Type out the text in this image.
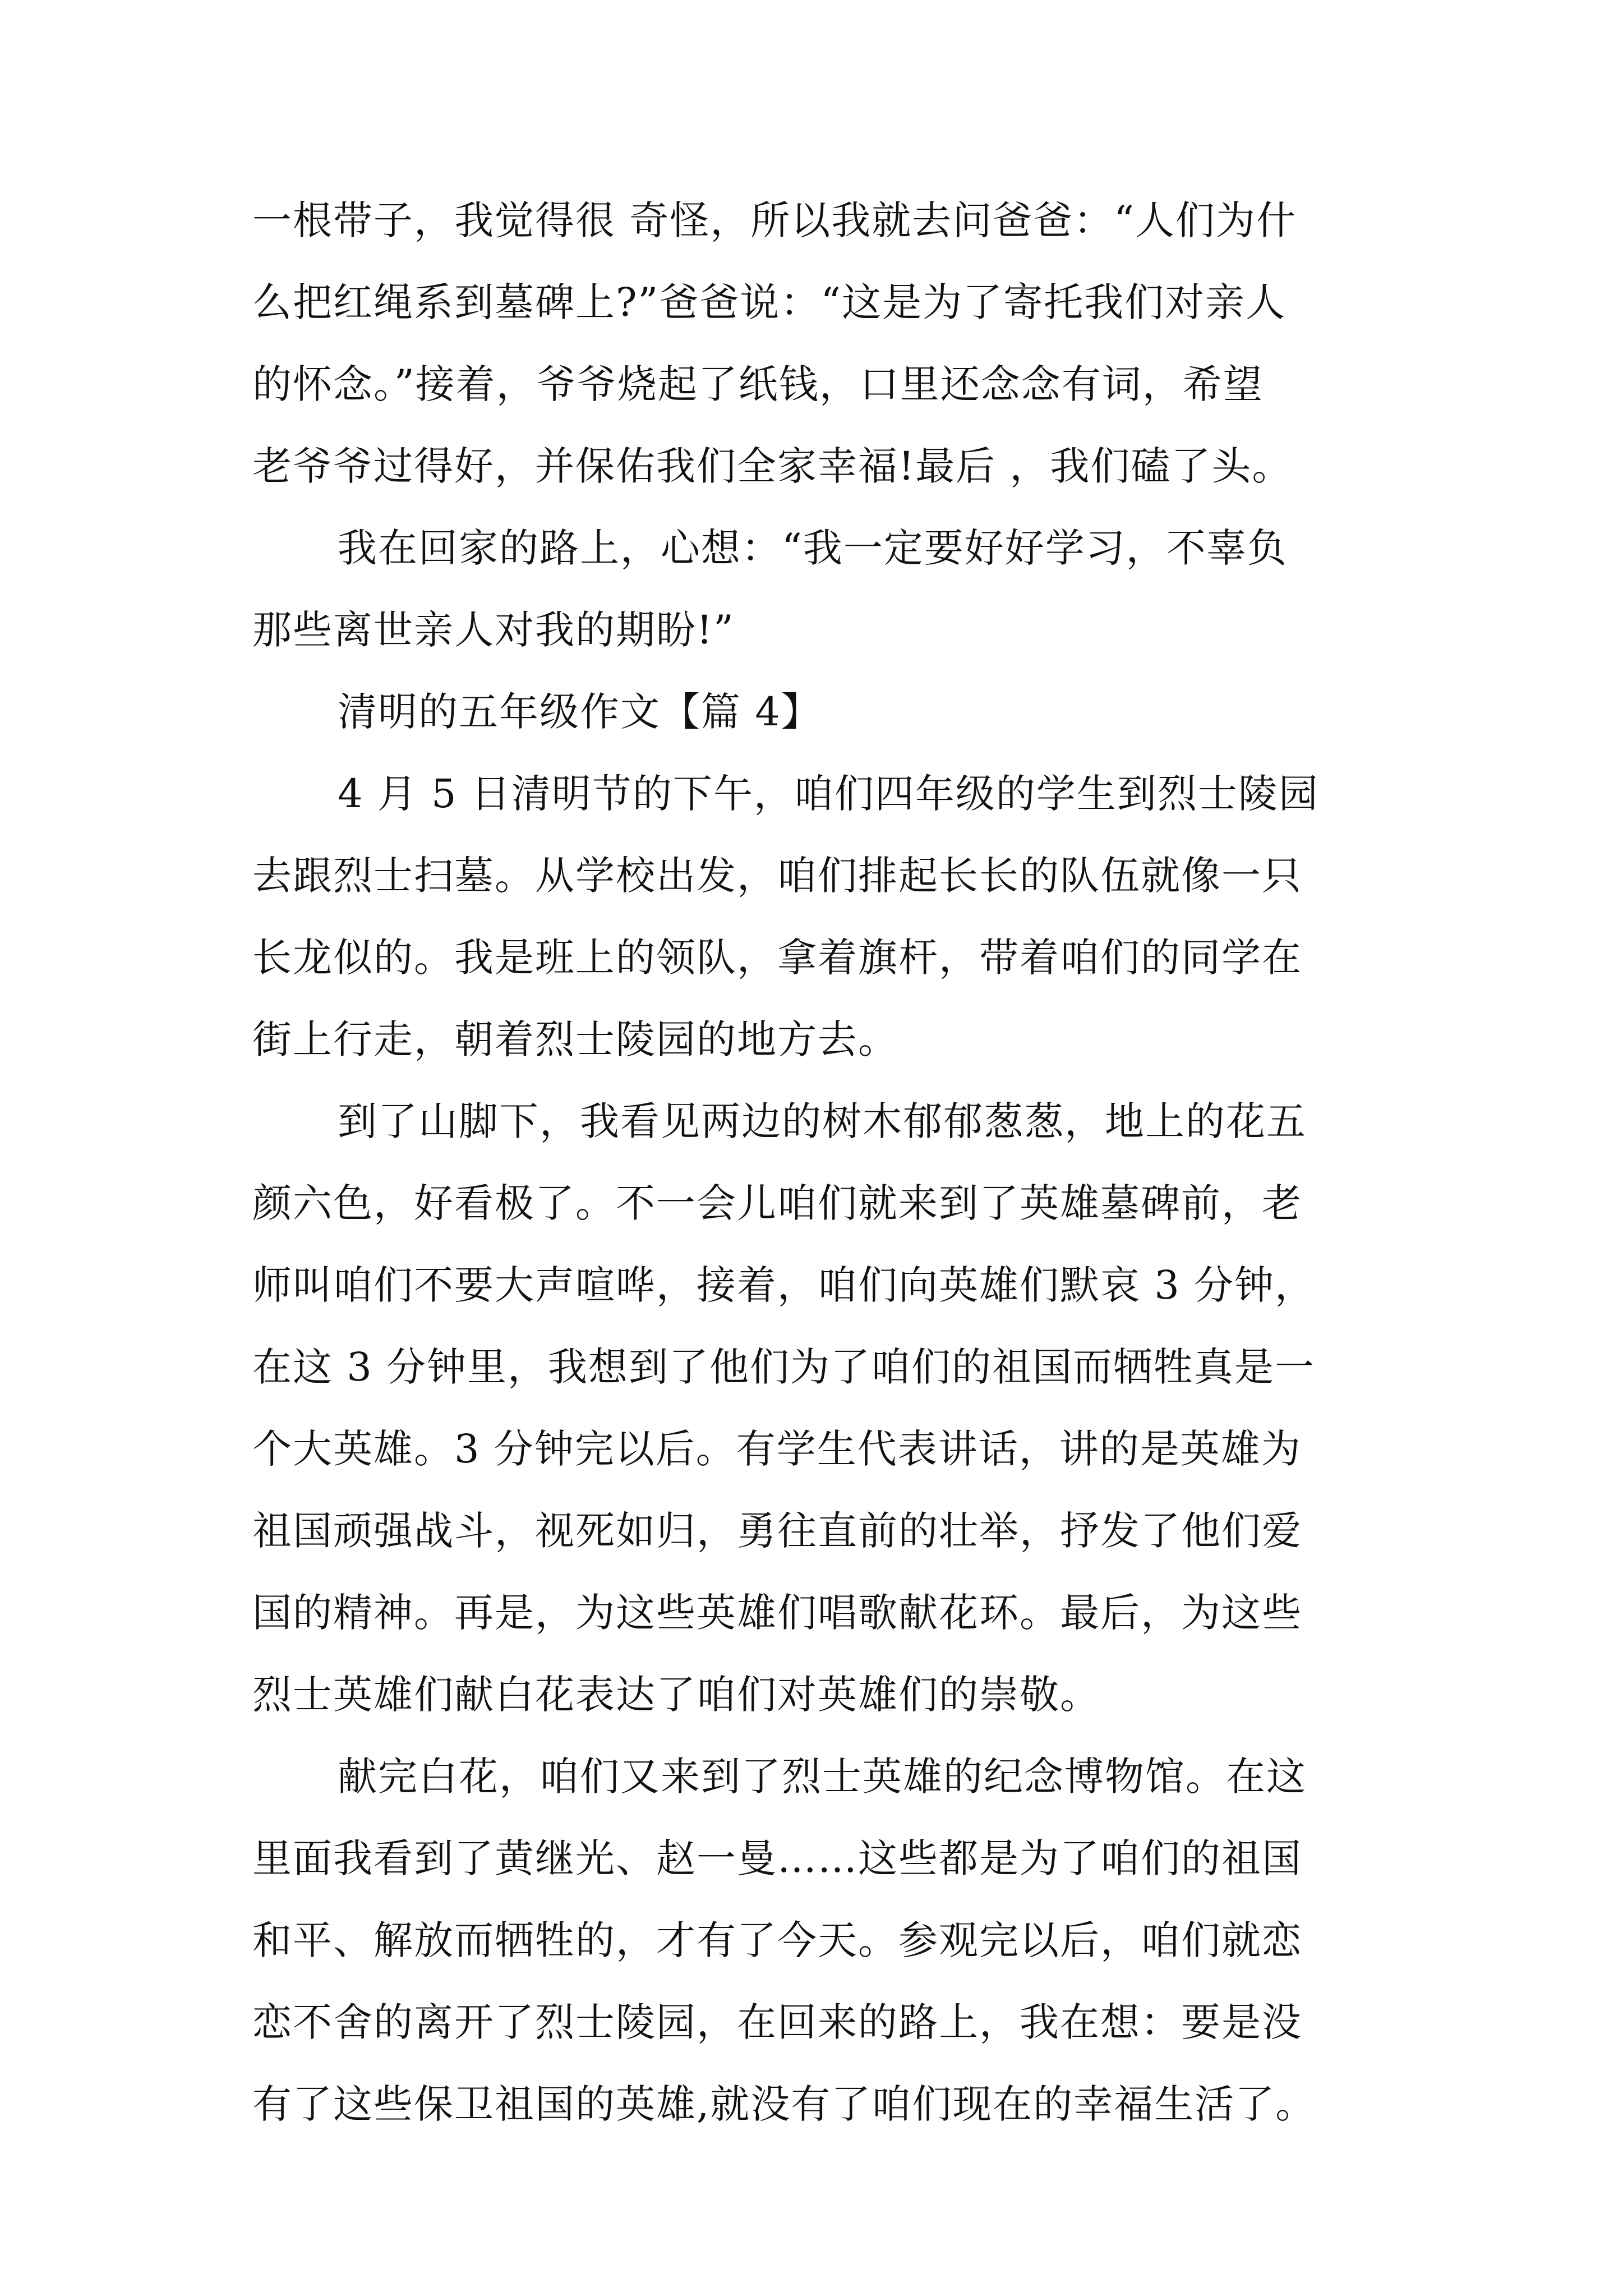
一根带子，我觉得很 奇怪，所以我就去问爸爸：“人们为什
么把红绳系到墓碑上?”爸爸说：“这是为了寄托我们对亲人
的怀念。”接着，爷爷烧起了纸钱，口里还念念有词，希望
老爷爷过得好，并保佑我们全家幸福!最后 ，我们磕了头。
我在回家的路上，心想：“我一定要好好学习，不辜负
那些离世亲人对我的期盼!”
清明的五年级作文【篇 4】
4 月 5 日清明节的下午，咱们四年级的学生到烈士陵园
去跟烈士扫墓。从学校出发，咱们排起长长的队伍就像一只
长龙似的。我是班上的领队，拿着旗杆，带着咱们的同学在
街上行走，朝着烈士陵园的地方去。
到了山脚下，我看见两边的树木郁郁葱葱，地上的花五
颜六色，好看极了。不一会儿咱们就来到了英雄墓碑前，老
师叫咱们不要大声喧哗，接着，咱们向英雄们默哀 3 分钟，
在这 3 分钟里，我想到了他们为了咱们的祖国而牺牲真是一
个大英雄。3 分钟完以后。有学生代表讲话，讲的是英雄为
祖国顽强战斗，视死如归，勇往直前的壮举，抒发了他们爱
国的精神。再是，为这些英雄们唱歌献花环。最后，为这些
烈士英雄们献白花表达了咱们对英雄们的崇敬。
献完白花，咱们又来到了烈士英雄的纪念博物馆。在这
里面我看到了黄继光、赵一曼……这些都是为了咱们的祖国
和平、解放而牺牲的，才有了今天。参观完以后，咱们就恋
恋不舍的离开了烈士陵园，在回来的路上，我在想：要是没
有了这些保卫祖国的英雄,就没有了咱们现在的幸福生活了。
